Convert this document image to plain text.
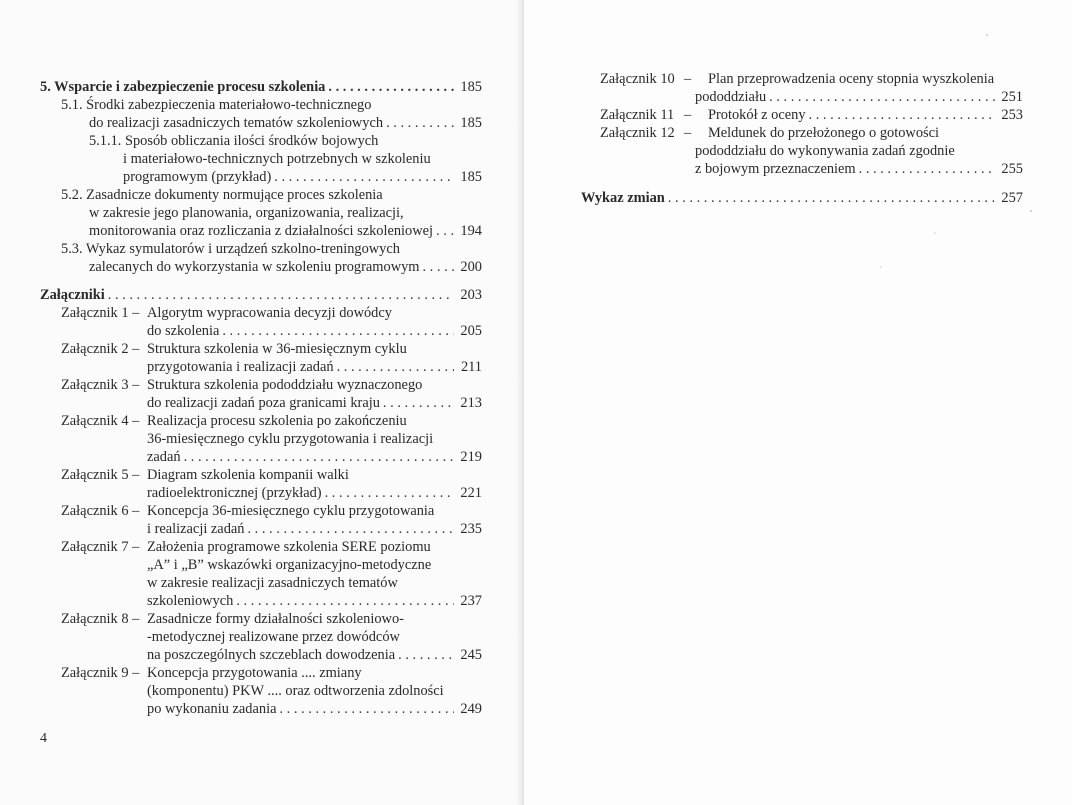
5. Wsparcie i zabezpieczenie procesu szkolenia . . .	185
5.1. Środki zabezpieczenia materiałowo-technicznego
do realizacji zasadniczych tematów szkoleniowych . . .	185
5.1.1. Sposób obliczania ilości środków bojowych
i materiałowo-technicznych potrzebnych w szkoleniu
programowym (przykład) . . .	185
5.2. Zasadnicze dokumenty normujące proces szkolenia
w zakresie jego planowania, organizowania, realizacji,
monitorowania oraz rozliczania z działalności szkoleniowej . . . 194
5.3. Wykaz symulatorów i urządzeń szkolno-treningowych
zalecanych do wykorzystania w szkoleniu programowym . . .	200
Załączniki . . .	203
Załącznik 1 – Algorytm wypracowania decyzji dowódcy
do szkolenia . . .	205
Załącznik 2 – Struktura szkolenia w 36-miesięcznym cyklu
przygotowania i realizacji zadań . . .	211
Załącznik 3 – Struktura szkolenia pododdziału wyznaczonego
do realizacji zadań poza granicami kraju . . .	213
Załącznik 4 – Realizacja procesu szkolenia po zakończeniu
36-miesięcznego cyklu przygotowania i realizacji
zadań . . .	219
Załącznik 5 – Diagram szkolenia kompanii walki
radioelektronicznej (przykład) . . .	221
Załącznik 6 – Koncepcja 36-miesięcznego cyklu przygotowania
i realizacji zadań . . .	235
Załącznik 7 – Założenia programowe szkolenia SERE poziomu
„A” i „B” wskazówki organizacyjno-metodyczne
w zakresie realizacji zasadniczych tematów
szkoleniowych . . .	237
Załącznik 8 – Zasadnicze formy działalności szkoleniowo-
-metodycznej realizowane przez dowódców
na poszczególnych szczeblach dowodzenia . . .	245
Załącznik 9 – Koncepcja przygotowania .... zmiany
(komponentu) PKW .... oraz odtworzenia zdolności
po wykonaniu zadania . . .	249
4
Załącznik 10 – Plan przeprowadzenia oceny stopnia wyszkolenia
pododdziału . . .	251
Załącznik 11 – Protokół z oceny . . .	253
Załącznik 12 – Meldunek do przełożonego o gotowości
pododdziału do wykonywania zadań zgodnie
z bojowym przeznaczeniem . . .	255
Wykaz zmian . . .	257
